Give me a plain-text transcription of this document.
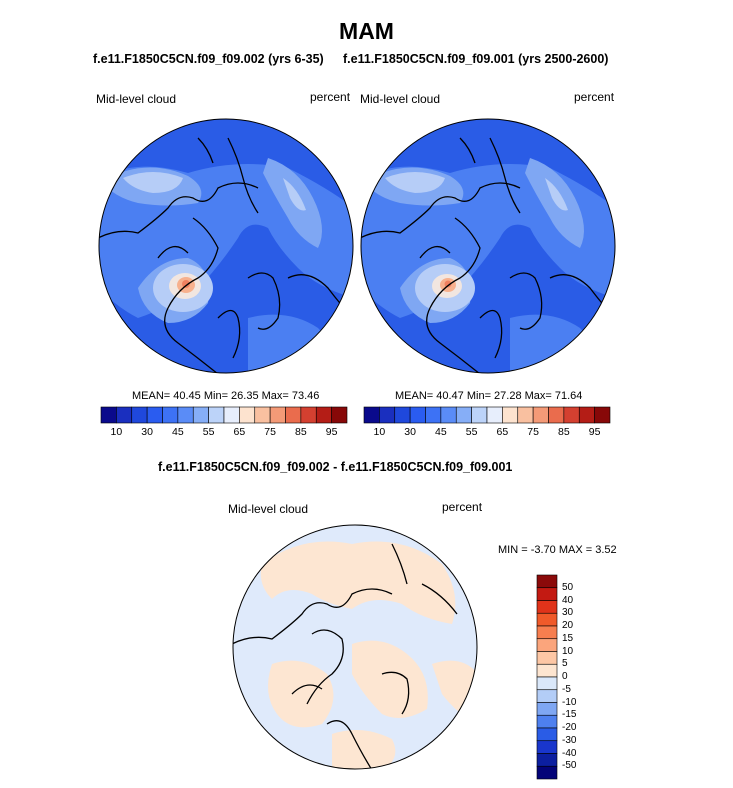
MAM
f.e11.F1850C5CN.f09_f09.002 (yrs 6-35)
Mid-level cloud	percent
f.e11.F1850C5CN.f09_f09.001 (yrs 2500-2600)
Mid-level cloud	percent
MEAN= 40.45 Min= 26.35 Max= 73.46	MEAN= 40.47 Min= 27.28 Max= 71.64
10	30	45	55	65	75	85	95	10	30	45	55	65	75	85	95
f.e11.F1850C5CN.f09_f09.002 - f.e11.F1850C5CN.f09_f09.001
Mid-level cloud	percent
MIN = -3.70 MAX = 3.52
50
40
30
20
15
10
5
0
-5
-10
-15
-20
-30
-40
-50
